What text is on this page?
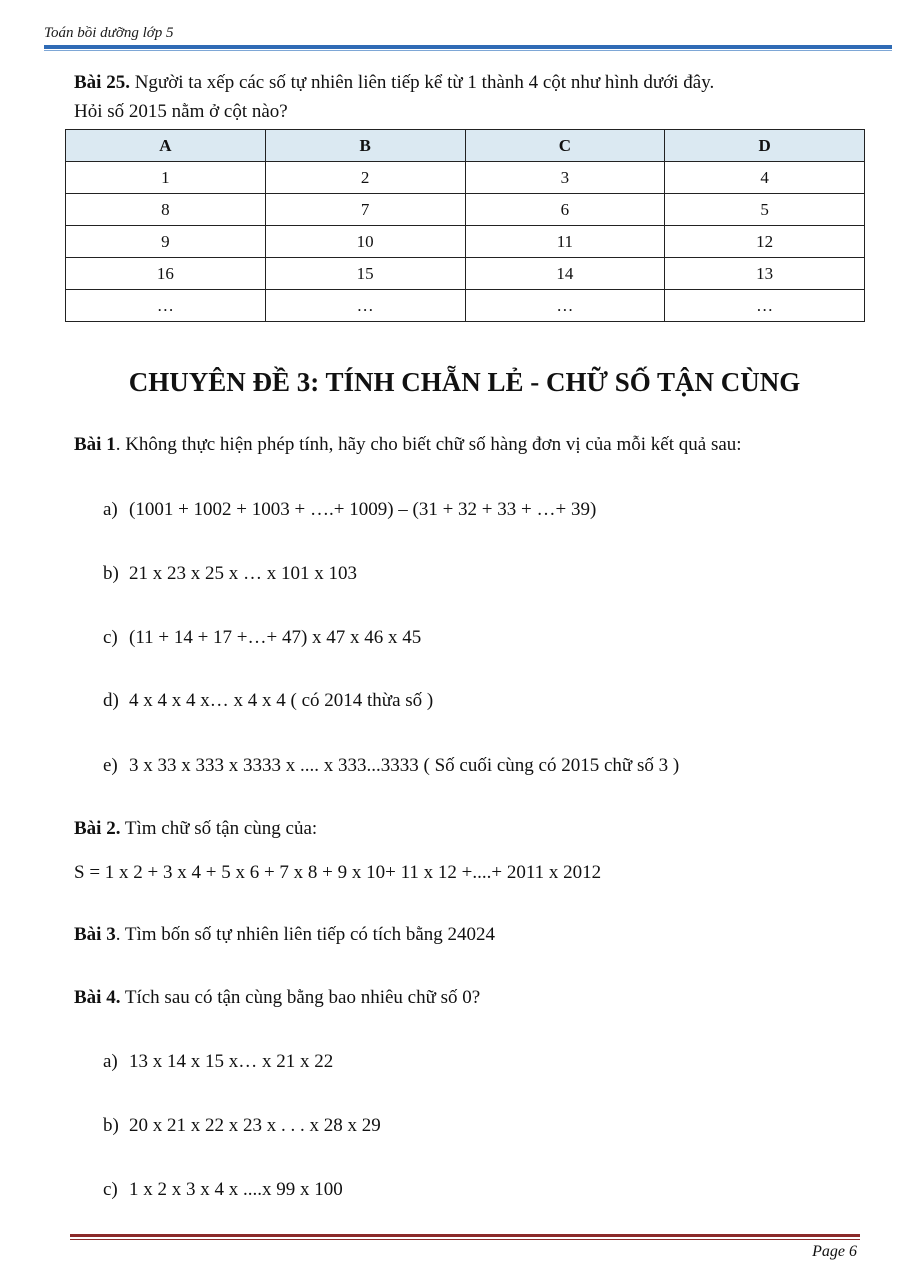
Toán bồi dưỡng lớp 5
Bài 25. Người ta xếp các số tự nhiên liên tiếp kể từ 1 thành 4 cột như hình dưới đây.
Hỏi số 2015 nằm ở cột nào?
A	B	C	D
1	2	3	4
8	7	6	5
9	10	11	12
16	15	14	13
…	…	…	…
CHUYÊN ĐỀ 3: TÍNH CHẴN LẺ - CHỮ SỐ TẬN CÙNG
Bài 1. Không thực hiện phép tính, hãy cho biết chữ số hàng đơn vị của mỗi kết quả sau:
a) (1001 + 1002 + 1003 + ….+ 1009) – (31 + 32 + 33 + …+ 39)
b) 21 x 23 x 25 x … x 101 x 103
c) (11 + 14 + 17 +…+ 47) x 47 x 46 x 45
d) 4 x 4 x 4 x… x 4 x 4 ( có 2014 thừa số )
e) 3 x 33 x 333 x 3333 x .... x 333...3333 ( Số cuối cùng có 2015 chữ số 3 )
Bài 2. Tìm chữ số tận cùng của:
S = 1 x 2 + 3 x 4 + 5 x 6 + 7 x 8 + 9 x 10+ 11 x 12 +....+ 2011 x 2012
Bài 3. Tìm bốn số tự nhiên liên tiếp có tích bằng 24024
Bài 4. Tích sau có tận cùng bằng bao nhiêu chữ số 0?
a) 13 x 14 x 15 x… x 21 x 22
b) 20 x 21 x 22 x 23 x . . . x 28 x 29
c) 1 x 2 x 3 x 4 x ....x 99 x 100
Page 6
